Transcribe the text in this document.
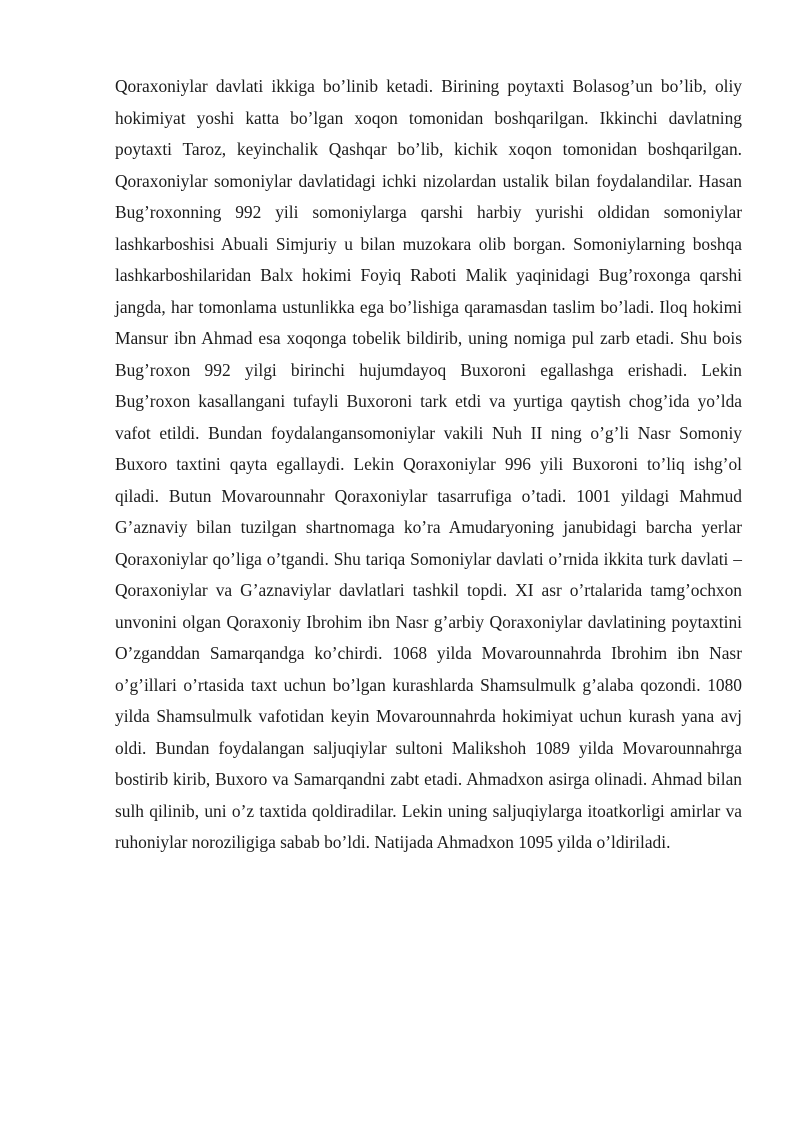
Qoraxoniylar davlati ikkiga bo’linib ketadi. Birining poytaxti Bolasog’un bo’lib, oliy hokimiyat yoshi katta bo’lgan xoqon tomonidan boshqarilgan. Ikkinchi davlatning poytaxti Taroz, keyinchalik Qashqar bo’lib, kichik xoqon tomonidan boshqarilgan. Qoraxoniylar somoniylar davlatidagi ichki nizolardan ustalik bilan foydalandilar. Hasan Bug’roxonning 992 yili somoniylarga qarshi harbiy yurishi oldidan somoniylar lashkarboshisi Abuali Simjuriy u bilan muzokara olib borgan. Somoniylarning boshqa lashkarboshilaridan Balx hokimi Foyiq Raboti Malik yaqinidagi Bug’roxonga qarshi jangda, har tomonlama ustunlikka ega bo’lishiga qaramasdan taslim bo’ladi. Iloq hokimi Mansur ibn Ahmad esa xoqonga tobelik bildirib, uning nomiga pul zarb etadi. Shu bois Bug’roxon 992 yilgi birinchi hujumdayoq Buxoroni egallashga erishadi. Lekin Bug’roxon kasallangani tufayli Buxoroni tark etdi va yurtiga qaytish chog’ida yo’lda vafot etildi. Bundan foydalangansomoniylar vakili Nuh II ning o’g’li Nasr Somoniy Buxoro taxtini qayta egallaydi. Lekin Qoraxoniylar 996 yili Buxoroni to’liq ishg’ol qiladi. Butun Movarounnahr Qoraxoniylar tasarrufiga o’tadi. 1001 yildagi Mahmud G’aznaviy bilan tuzilgan shartnomaga ko’ra Amudaryoning janubidagi barcha yerlar Qoraxoniylar qo’liga o’tgandi. Shu tariqa Somoniylar davlati o’rnida ikkita turk davlati – Qoraxoniylar va G’aznaviylar davlatlari tashkil topdi. XI asr o’rtalarida tamg’ochxon unvonini olgan Qoraxoniy Ibrohim ibn Nasr g’arbiy Qoraxoniylar davlatining poytaxtini O’zganddan Samarqandga ko’chirdi. 1068 yilda Movarounnahrda Ibrohim ibn Nasr o’g’illari o’rtasida taxt uchun bo’lgan kurashlarda Shamsulmulk g’alaba qozondi. 1080 yilda Shamsulmulk vafotidan keyin Movarounnahrda hokimiyat uchun kurash yana avj oldi. Bundan foydalangan saljuqiylar sultoni Malikshoh 1089 yilda Movarounnahrga bostirib kirib, Buxoro va Samarqandni zabt etadi. Ahmadxon asirga olinadi. Ahmad bilan sulh qilinib, uni o’z taxtida qoldiradilar. Lekin uning saljuqiylarga itoatkorligi amirlar va ruhoniylar noroziligiga sabab bo’ldi. Natijada Ahmadxon 1095 yilda o’ldiriladi.
